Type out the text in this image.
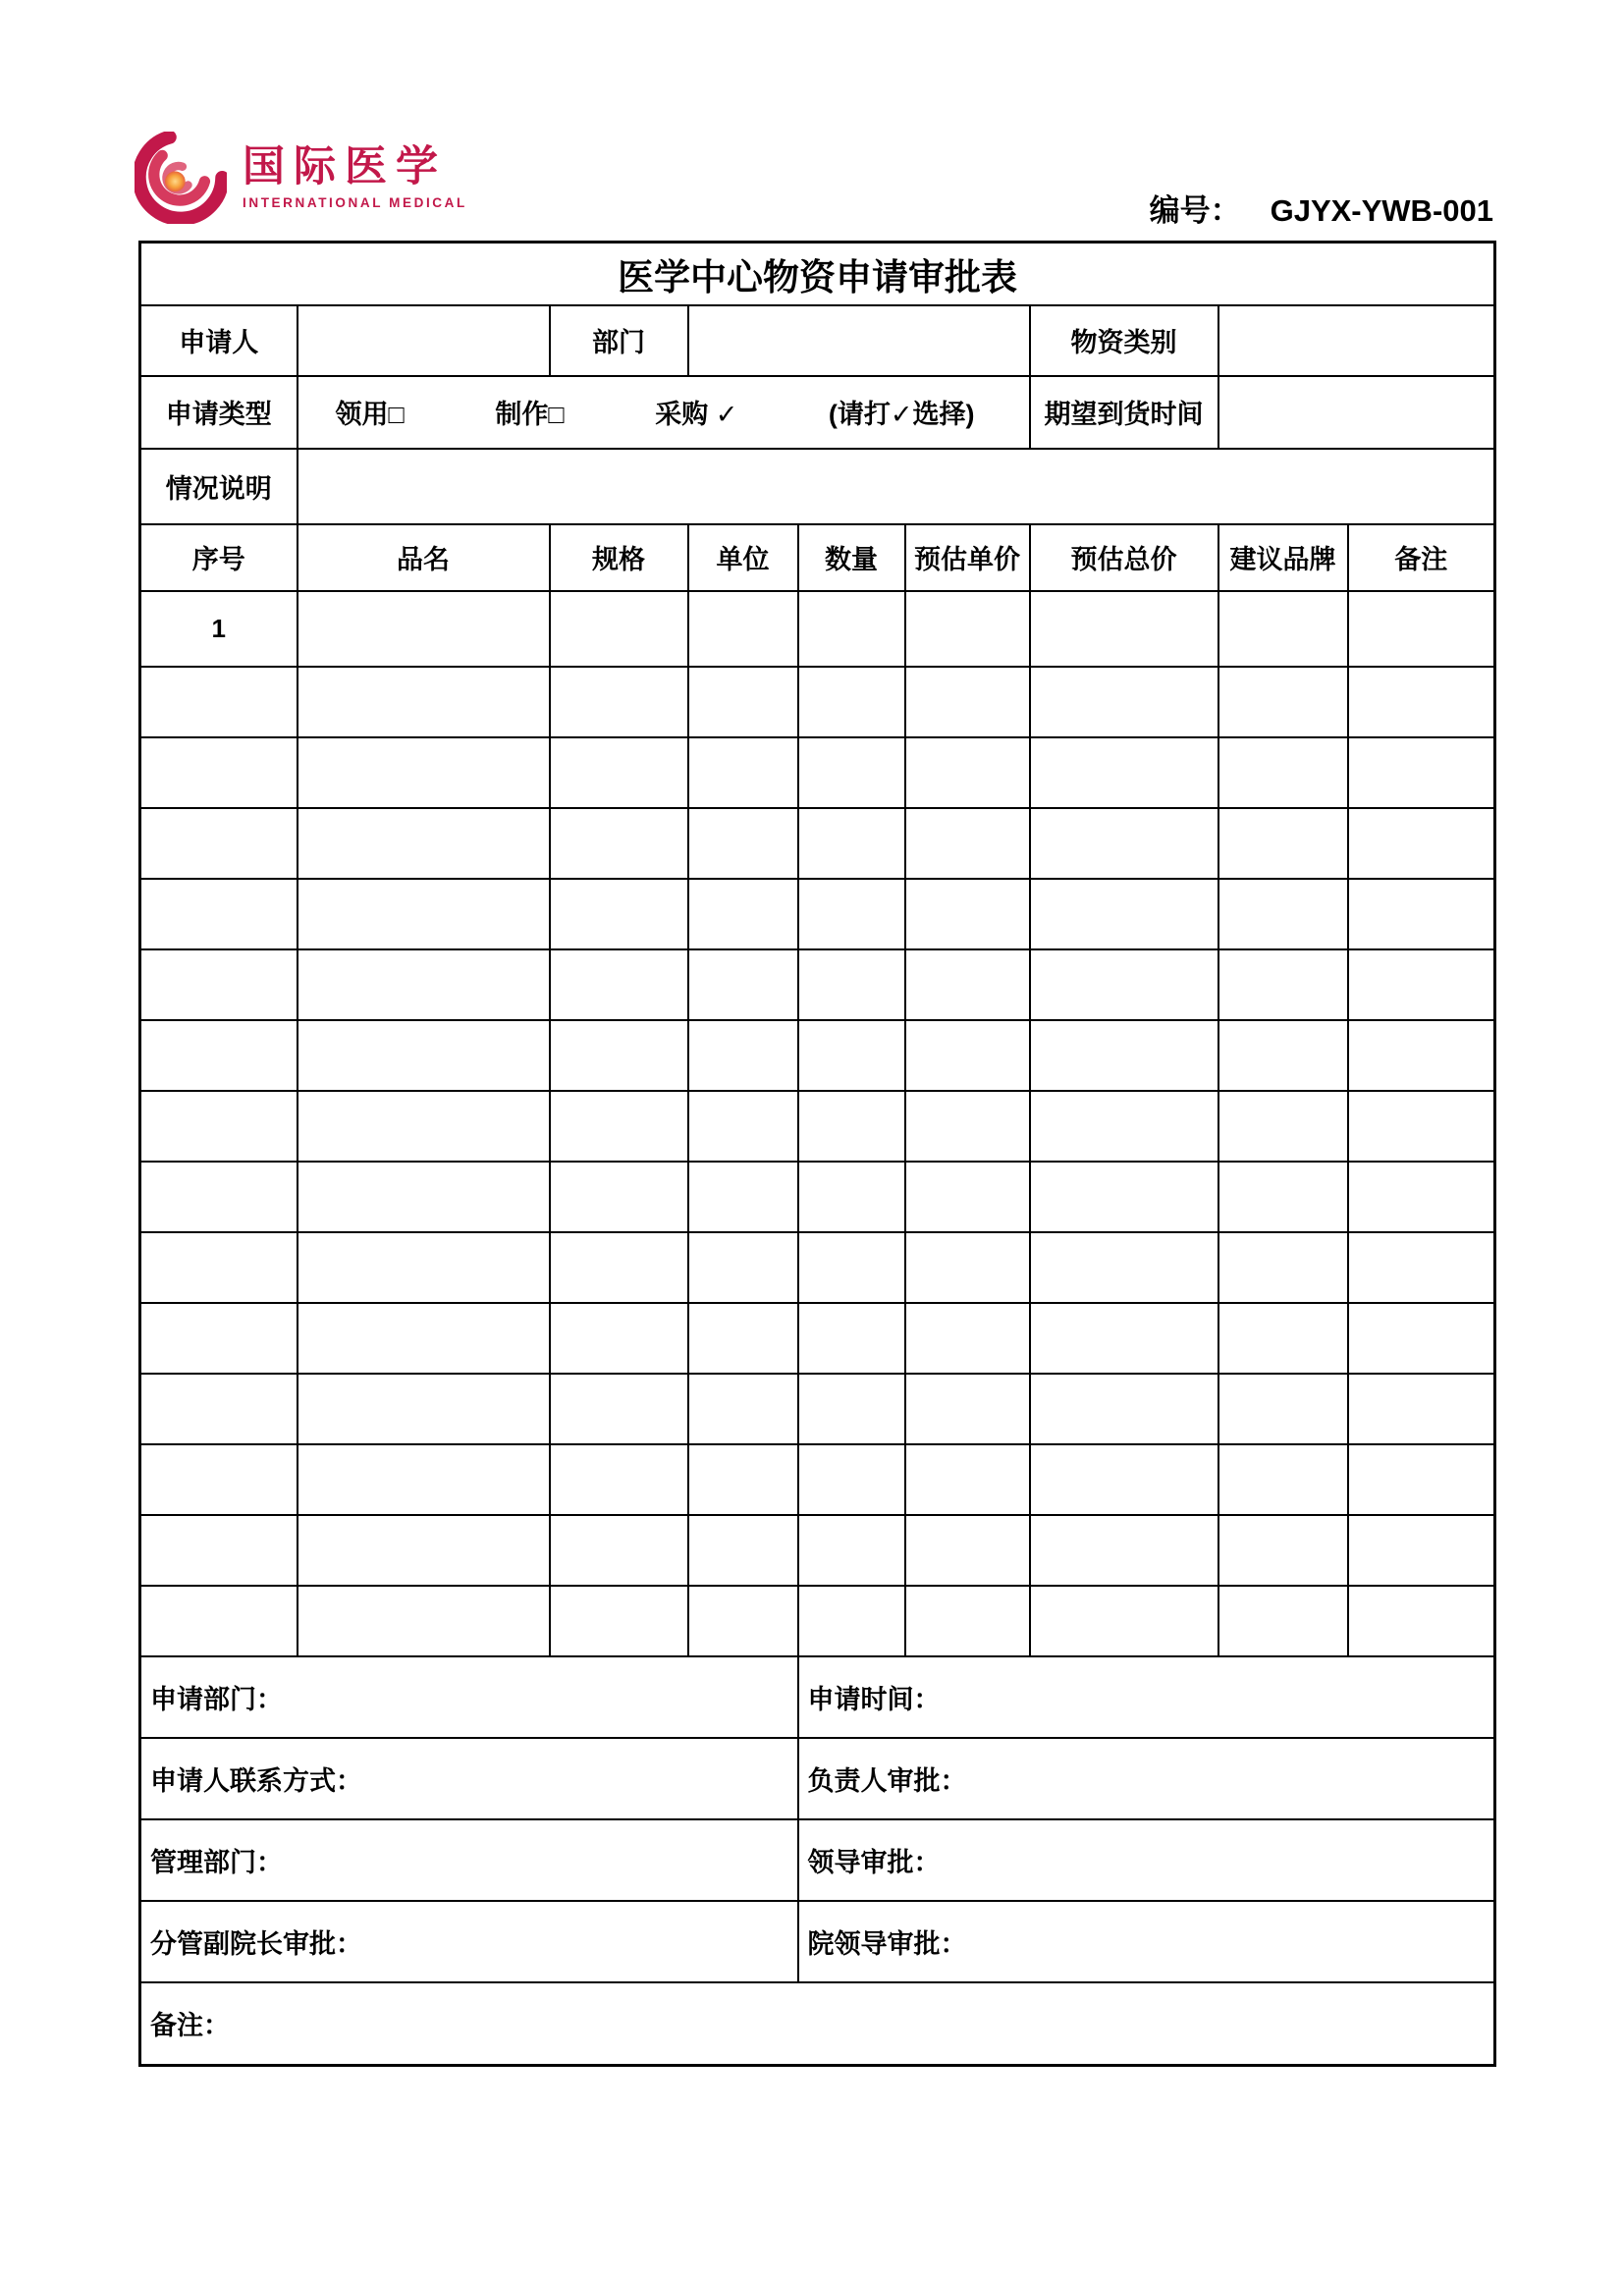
国际医学
INTERNATIONAL MEDICAL	编号： GJYX-YWB-001
医学中心物资申请审批表								
申请人		部门				物资类别		
申请类型	领用□ 制作□ 采购 ✓ (请打✓选择)					期望到货时间		
情况说明								
序号	品名	规格	单位	数量	预估单价	预估总价	建议品牌	备注
1								

申请部门：				申请时间：				
申请人联系方式：				负责人审批：				
管理部门：				领导审批：				
分管副院长审批：				院领导审批：				
备注：								
